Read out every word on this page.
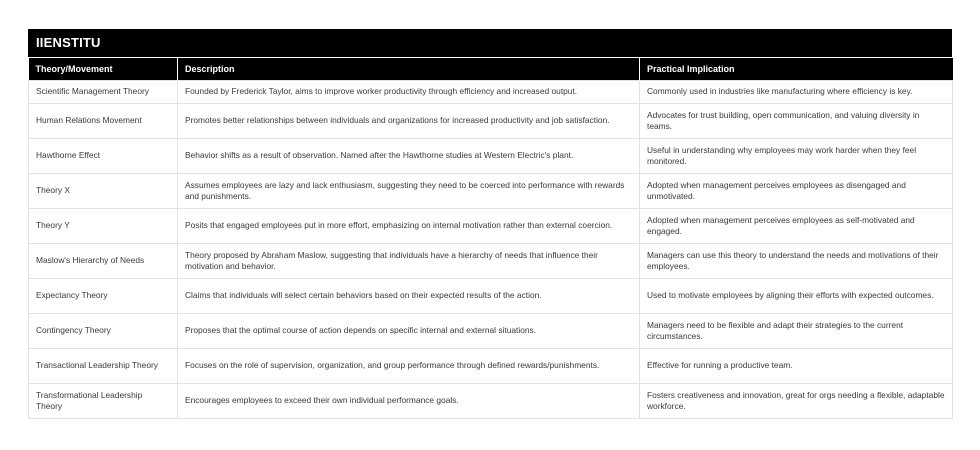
IIENSTITU
Theory/Movement	Description	Practical Implication
Scientific Management Theory	Founded by Frederick Taylor, aims to improve worker productivity through efficiency and increased output.	Commonly used in industries like manufacturing where efficiency is key.
Human Relations Movement	Promotes better relationships between individuals and organizations for increased productivity and job satisfaction.	Advocates for trust building, open communication, and valuing diversity in teams.
Hawthorne Effect	Behavior shifts as a result of observation. Named after the Hawthorne studies at Western Electric's plant.	Useful in understanding why employees may work harder when they feel monitored.
Theory X	Assumes employees are lazy and lack enthusiasm, suggesting they need to be coerced into performance with rewards and punishments.	Adopted when management perceives employees as disengaged and unmotivated.
Theory Y	Posits that engaged employees put in more effort, emphasizing on internal motivation rather than external coercion.	Adopted when management perceives employees as self-motivated and engaged.
Maslow's Hierarchy of Needs	Theory proposed by Abraham Maslow, suggesting that individuals have a hierarchy of needs that influence their motivation and behavior.	Managers can use this theory to understand the needs and motivations of their employees.
Expectancy Theory	Claims that individuals will select certain behaviors based on their expected results of the action.	Used to motivate employees by aligning their efforts with expected outcomes.
Contingency Theory	Proposes that the optimal course of action depends on specific internal and external situations.	Managers need to be flexible and adapt their strategies to the current circumstances.
Transactional Leadership Theory	Focuses on the role of supervision, organization, and group performance through defined rewards/punishments.	Effective for running a productive team.
Transformational Leadership Theory	Encourages employees to exceed their own individual performance goals.	Fosters creativeness and innovation, great for orgs needing a flexible, adaptable workforce.
